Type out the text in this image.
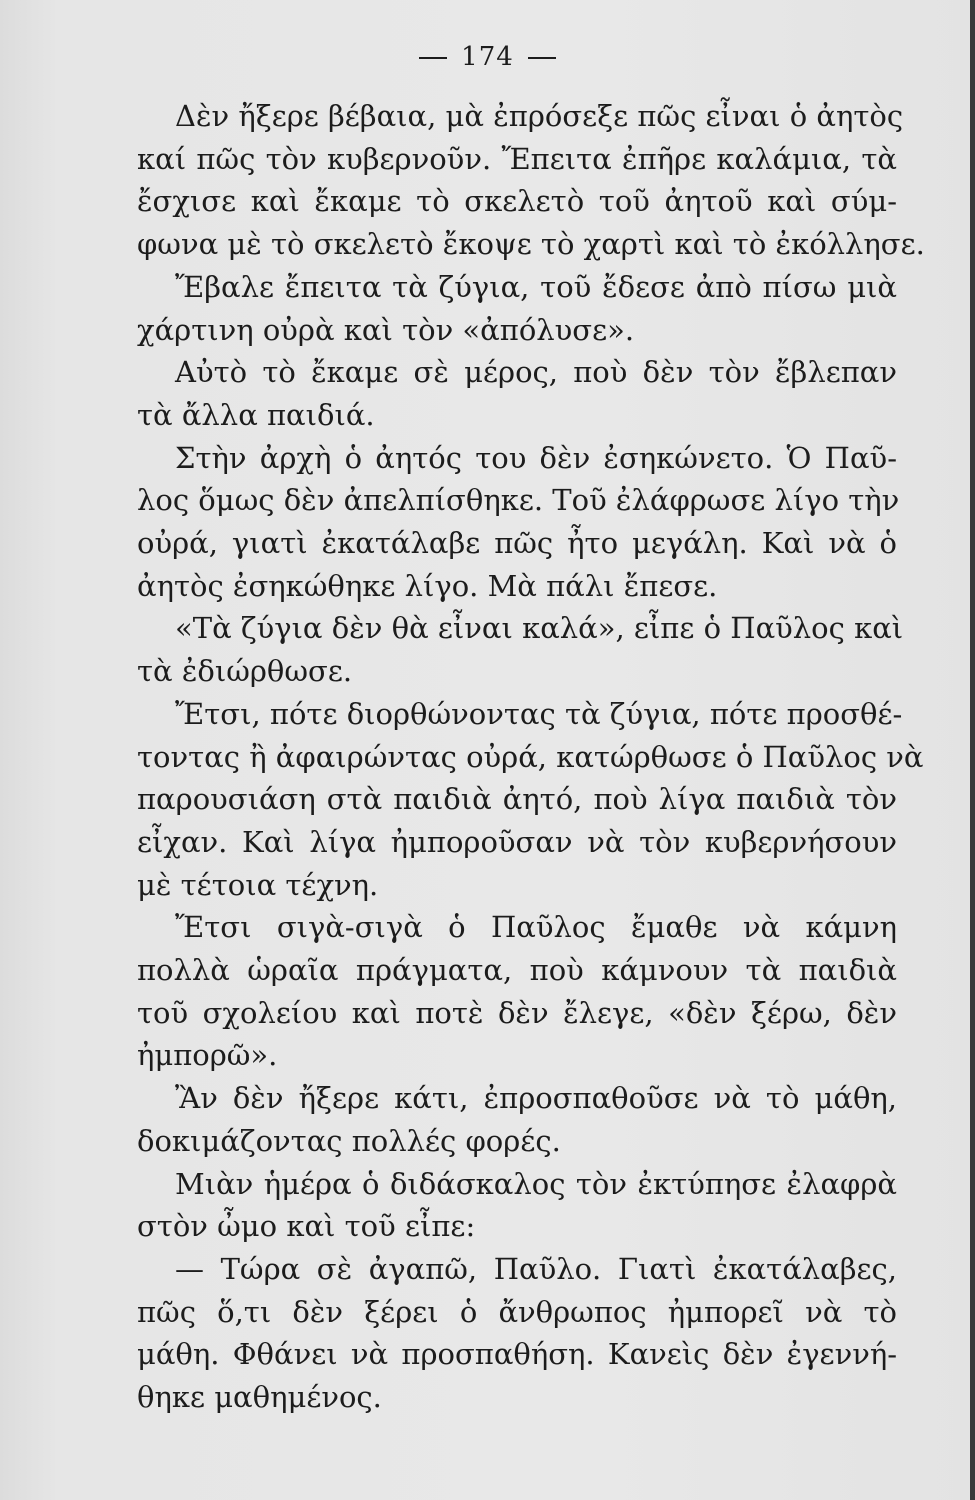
174
Δὲν ἤξερε βέβαια, μὰ ἐπρόσεξε πῶς εἶναι ὁ ἀητὸς
καί πῶς τὸν κυβερνοῦν. Ἔπειτα ἐπῆρε καλάμια, τὰ
ἔσχισε καὶ ἔκαμε τὸ σκελετὸ τοῦ ἀητοῦ καὶ σύμ-
φωνα μὲ τὸ σκελετὸ ἔκοψε τὸ χαρτὶ καὶ τὸ ἐκόλλησε.
Ἔβαλε ἔπειτα τὰ ζύγια, τοῦ ἔδεσε ἀπὸ πίσω μιὰ
χάρτινη οὐρὰ καὶ τὸν «ἀπόλυσε».
Αὐτὸ τὸ ἔκαμε σὲ μέρος, ποὺ δὲν τὸν ἔβλεπαν
τὰ ἄλλα παιδιά.
Στὴν ἀρχὴ ὁ ἀητός του δὲν ἐσηκώνετο. Ὁ Παῦ-
λος ὅμως δὲν ἀπελπίσθηκε. Τοῦ ἐλάφρωσε λίγο τὴν
οὐρά, γιατὶ ἐκατάλαβε πῶς ἦτο μεγάλη. Καὶ νὰ ὁ
ἀητὸς ἐσηκώθηκε λίγο. Μὰ πάλι ἔπεσε.
«Τὰ ζύγια δὲν θὰ εἶναι καλά», εἶπε ὁ Παῦλος καὶ
τὰ ἐδιώρθωσε.
Ἔτσι, πότε διορθώνοντας τὰ ζύγια, πότε προσθέ-
τοντας ἢ ἀφαιρώντας οὐρά, κατώρθωσε ὁ Παῦλος νὰ
παρουσιάση στὰ παιδιὰ ἀητό, ποὺ λίγα παιδιὰ τὸν
εἶχαν. Καὶ λίγα ἠμποροῦσαν νὰ τὸν κυβερνήσουν
μὲ τέτοια τέχνη.
Ἔτσι σιγὰ-σιγὰ ὁ Παῦλος ἔμαθε νὰ κάμνη
πολλὰ ὡραῖα πράγματα, ποὺ κάμνουν τὰ παιδιὰ
τοῦ σχολείου καὶ ποτὲ δὲν ἔλεγε, «δὲν ξέρω, δὲν
ἠμπορῶ».
Ἂν δὲν ἤξερε κάτι, ἐπροσπαθοῦσε νὰ τὸ μάθη,
δοκιμάζοντας πολλές φορές.
Μιὰν ἡμέρα ὁ διδάσκαλος τὸν ἐκτύπησε ἐλαφρὰ
στὸν ὦμο καὶ τοῦ εἶπε:
— Τώρα σὲ ἀγαπῶ, Παῦλο. Γιατὶ ἐκατάλαβες,
πῶς ὅ,τι δὲν ξέρει ὁ ἄνθρωπος ἠμπορεῖ νὰ τὸ
μάθη. Φθάνει νὰ προσπαθήση. Κανεὶς δὲν ἐγεννή-
θηκε μαθημένος.
